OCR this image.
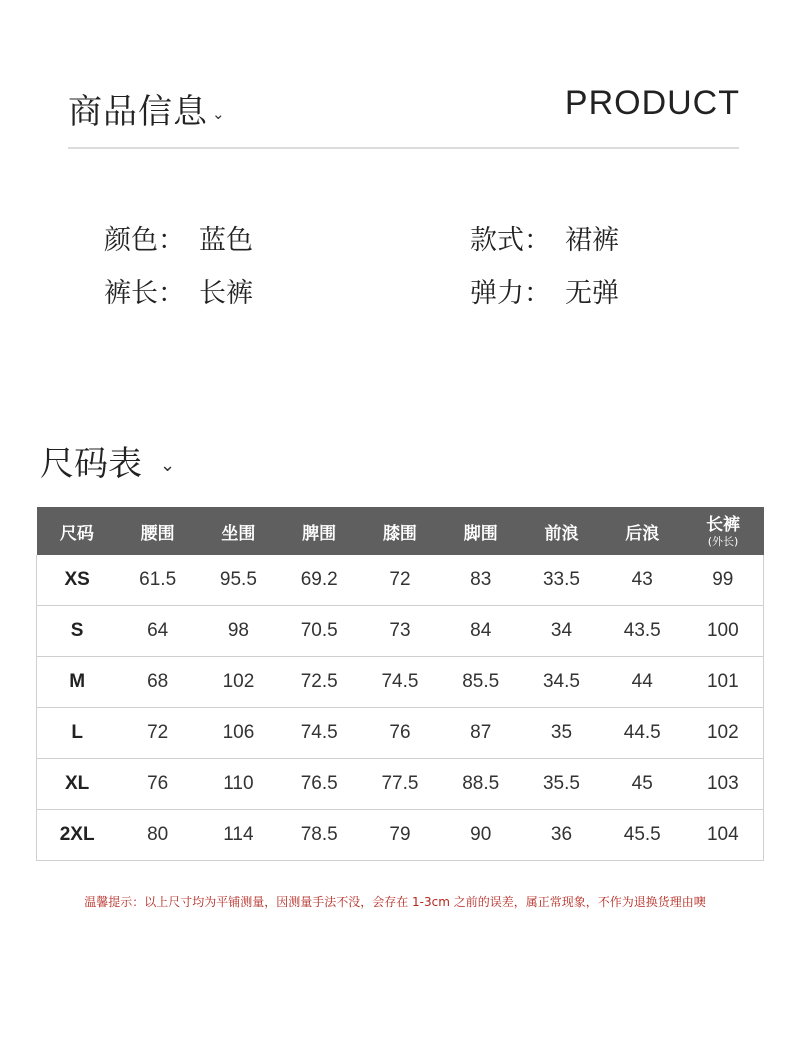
商品信息 ⌄	PRODUCT
颜色： 蓝色	款式： 裙裤
裤长： 长裤	弹力： 无弹
尺码表 ⌄
尺码	腰围	坐围	脾围	膝围	脚围	前浪	后浪	长裤
(外长)

XS	61.5	95.5	69.2	72	83	33.5	43	99
S	64	98	70.5	73	84	34	43.5	100
M	68	102	72.5	74.5	85.5	34.5	44	101
L	72	106	74.5	76	87	35	44.5	102
XL	76	110	76.5	77.5	88.5	35.5	45	103
2XL	80	114	78.5	79	90	36	45.5	104
温馨提示：以上尺寸均为平铺测量，因测量手法不没，会存在 1-3cm 之前的误差，属正常现象，不作为退换货理由噢
